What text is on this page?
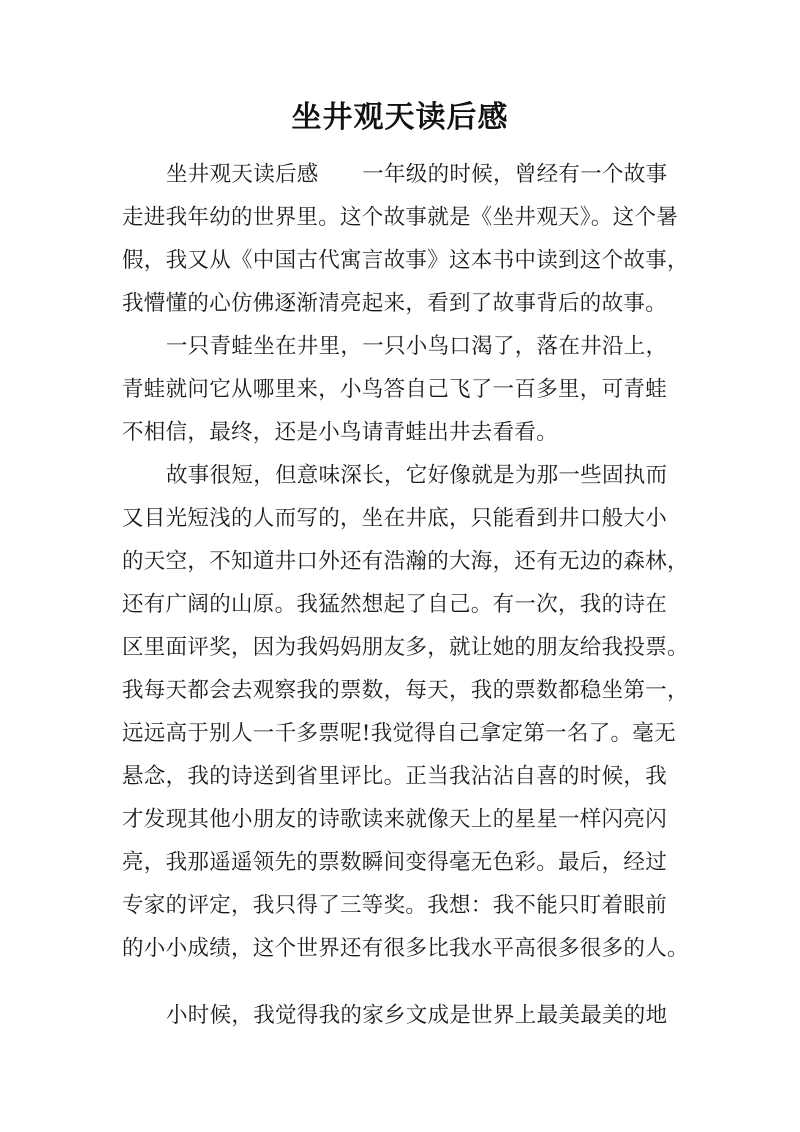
坐井观天读后感
坐井观天读后感　　一年级的时候，曾经有一个故事
走进我年幼的世界里。这个故事就是《坐井观天》。这个暑
假，我又从《中国古代寓言故事》这本书中读到这个故事，
我懵懂的心仿佛逐渐清亮起来，看到了故事背后的故事。
一只青蛙坐在井里，一只小鸟口渴了，落在井沿上，
青蛙就问它从哪里来，小鸟答自己飞了一百多里，可青蛙
不相信，最终，还是小鸟请青蛙出井去看看。
故事很短，但意味深长，它好像就是为那一些固执而
又目光短浅的人而写的，坐在井底，只能看到井口般大小
的天空，不知道井口外还有浩瀚的大海，还有无边的森林，
还有广阔的山原。我猛然想起了自己。有一次，我的诗在
区里面评奖，因为我妈妈朋友多，就让她的朋友给我投票。
我每天都会去观察我的票数，每天，我的票数都稳坐第一，
远远高于别人一千多票呢!我觉得自己拿定第一名了。毫无
悬念，我的诗送到省里评比。正当我沾沾自喜的时候，我
才发现其他小朋友的诗歌读来就像天上的星星一样闪亮闪
亮，我那遥遥领先的票数瞬间变得毫无色彩。最后，经过
专家的评定，我只得了三等奖。我想：我不能只盯着眼前
的小小成绩，这个世界还有很多比我水平高很多很多的人。
小时候，我觉得我的家乡文成是世界上最美最美的地
